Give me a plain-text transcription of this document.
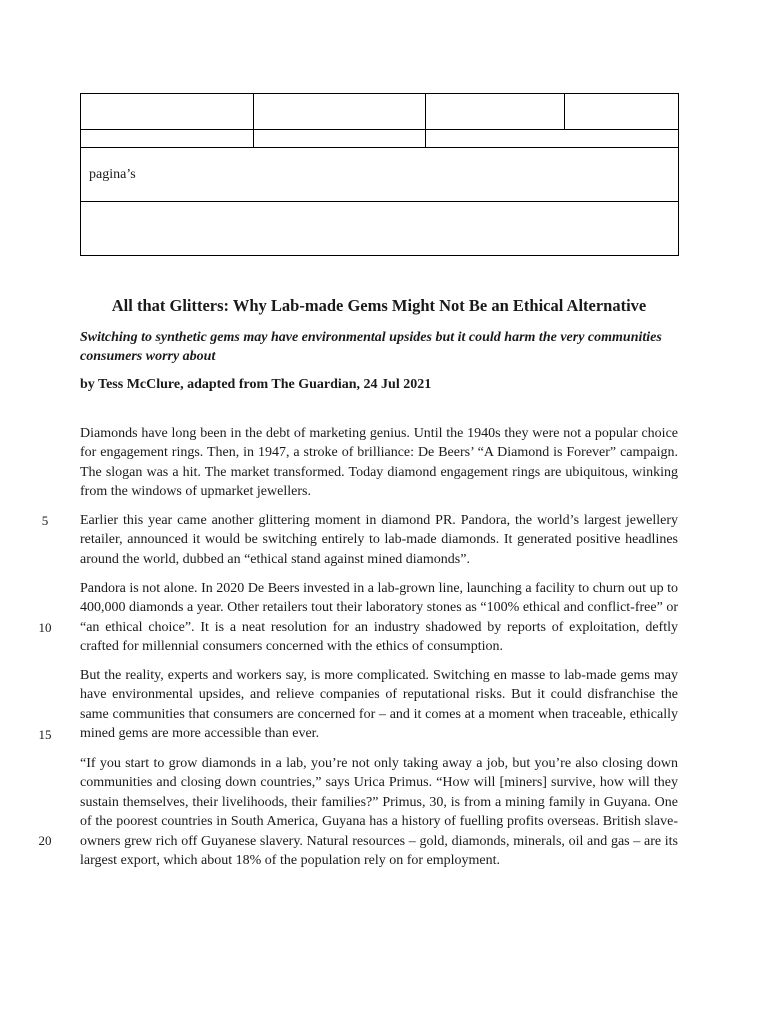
pagina’s			

All that Glitters: Why Lab-made Gems Might Not Be an Ethical Alternative

Switching to synthetic gems may have environmental upsides but it could harm the very communities consumers worry about

by Tess McClure, adapted from The Guardian, 24 Jul 2021

Diamonds have long been in the debt of marketing genius. Until the 1940s they were not a popular choice for engagement rings. Then, in 1947, a stroke of brilliance: De Beers’ “A Diamond is Forever” campaign. The slogan was a hit. The market transformed. Today diamond engagement rings are ubiquitous, winking from the windows of upmarket jewellers.

Earlier this year came another glittering moment in diamond PR. Pandora, the world’s largest jewellery retailer, announced it would be switching entirely to lab-made diamonds. It generated positive headlines around the world, dubbed an “ethical stand against mined diamonds”.

Pandora is not alone. In 2020 De Beers invested in a lab-grown line, launching a facility to churn out up to 400,000 diamonds a year. Other retailers tout their laboratory stones as “100% ethical and conflict-free” or “an ethical choice”. It is a neat resolution for an industry shadowed by reports of exploitation, deftly crafted for millennial consumers concerned with the ethics of consumption.

But the reality, experts and workers say, is more complicated. Switching en masse to lab-made gems may have environmental upsides, and relieve companies of reputational risks. But it could disfranchise the same communities that consumers are concerned for – and it comes at a moment when traceable, ethically mined gems are more accessible than ever.

“If you start to grow diamonds in a lab, you’re not only taking away a job, but you’re also closing down communities and closing down countries,” says Urica Primus. “How will [miners] survive, how will they sustain themselves, their livelihoods, their families?” Primus, 30, is from a mining family in Guyana. One of the poorest countries in South America, Guyana has a history of fuelling profits overseas. British slave-owners grew rich off Guyanese slavery. Natural resources – gold, diamonds, minerals, oil and gas – are its largest export, which about 18% of the population rely on for employment.

5
10
15
20
